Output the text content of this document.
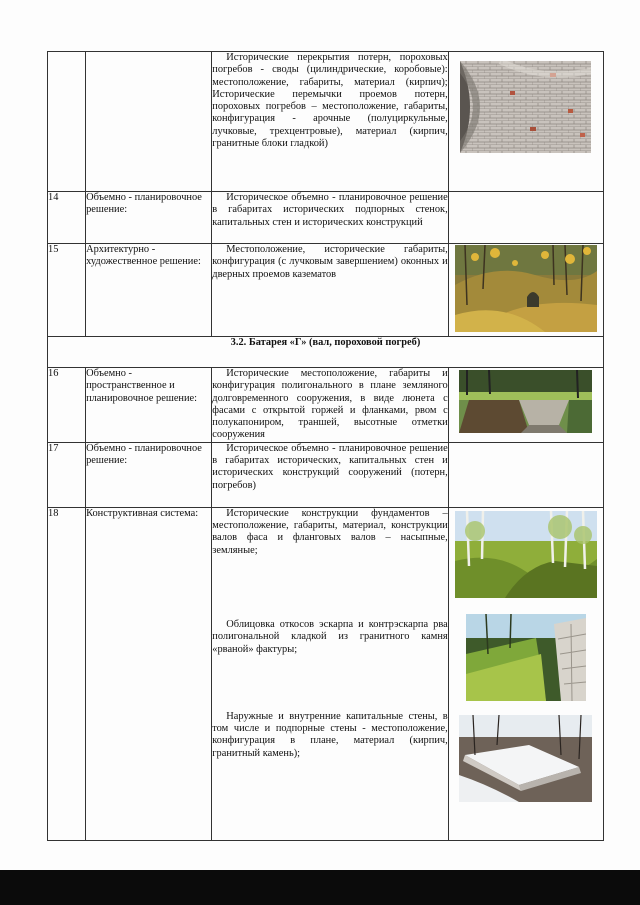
		Исторические перекрытия потерн, пороховых погребов - своды (цилиндрические, коробовые): местоположение, габариты, материал (кирпич); Исторические перемычки проемов потерн, пороховых погребов – местоположение, габариты, конфигурация - арочные (полуциркульные, лучковые, трехцентровые), материал (кирпич, гранитные блоки гладкой)

14	Объемно - планировочное решение:	Историческое объемно - планировочное решение в габаритах исторических подпорных стенок, капитальных стен и исторических конструкций	

15	Архитектурно - художественное решение:	Местоположение, исторические габариты, конфигурация (с лучковым завершением) оконных и дверных проемов казематов

3.2. Батарея «Г» (вал, пороховой погреб)			
16	Объемно - пространственное и планировочное решение:	Исторические местоположение, габариты и конфигурация полигонального в плане земляного долговременного сооружения, в виде люнета с фасами с открытой горжей и фланками, рвом с полукапониром, траншей, высотные отметки сооружения

17	Объемно - планировочное решение:	Историческое объемно - планировочное решение в габаритах исторических, капитальных стен и исторических конструкций сооружений (потерн, погребов)	

18	Конструктивная система:	Исторические конструкции фундаментов – местоположение, габариты, материал, конструкции валов фаса и фланговых валов – насыпные, земляные;
Облицовка откосов эскарпа и контрэскарпа рва полигональной кладкой из гранитного камня «рваной» фактуры;
Наружные и внутренние капитальные стены, в том числе и подпорные стены - местоположение, конфигурация в плане, материал (кирпич, гранитный камень);
